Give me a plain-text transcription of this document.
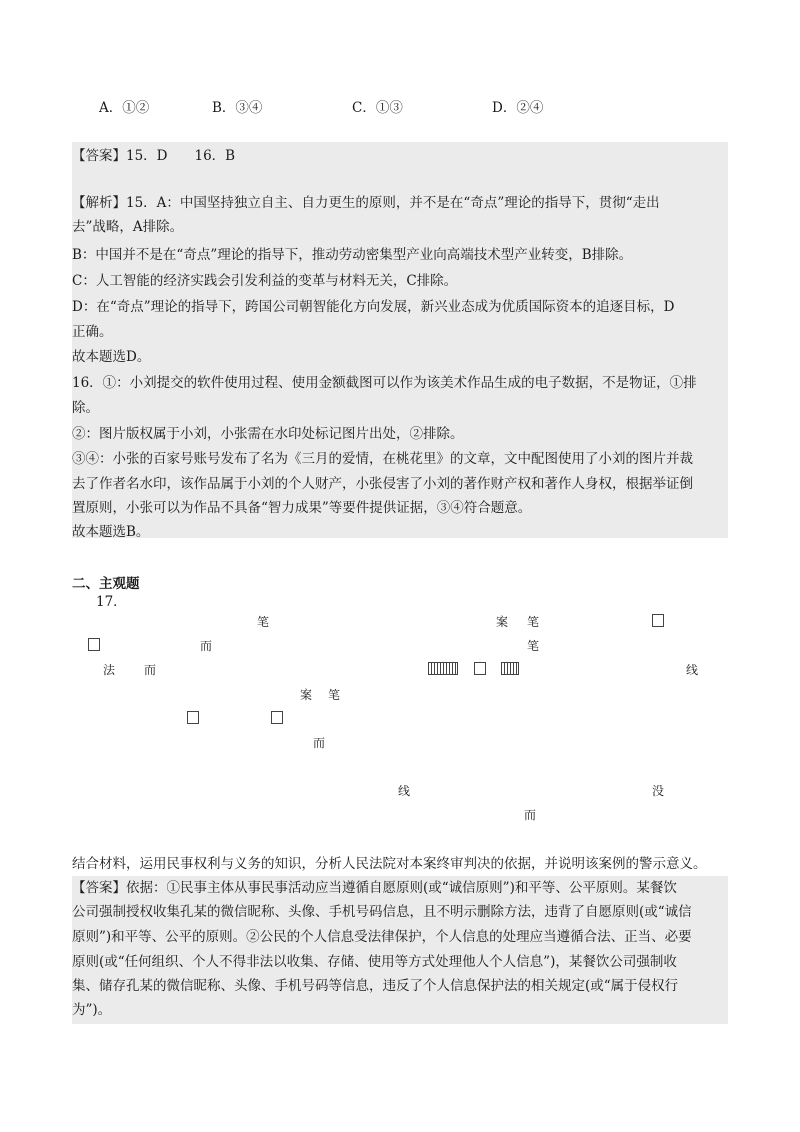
A．①②	B．③④	C．①③	D．②④
【答案】15．D　　16．B
【解析】15．A：中国坚持独立自主、自力更生的原则，并不是在“奇点”理论的指导下，贯彻“走出
去”战略，A排除。
B：中国并不是在“奇点”理论的指导下，推动劳动密集型产业向高端技术型产业转变，B排除。
C：人工智能的经济实践会引发利益的变革与材料无关，C排除。
D：在“奇点”理论的指导下，跨国公司朝智能化方向发展，新兴业态成为优质国际资本的追逐目标，D
正确。
故本题选D。
16．①：小刘提交的软件使用过程、使用金额截图可以作为该美术作品生成的电子数据，不是物证，①排
除。
②：图片版权属于小刘，小张需在水印处标记图片出处，②排除。
③④：小张的百家号账号发布了名为《三月的爱情，在桃花里》的文章，文中配图使用了小刘的图片并裁
去了作者名水印，该作品属于小刘的个人财产，小张侵害了小刘的著作财产权和著作人身权，根据举证倒
置原则，小张可以为作品不具备“智力成果”等要件提供证据，③④符合题意。
故本题选B。
二、主观题
17．
笔	案 笔
而	笔
法 而	线
案 笔
而
线	没
而
结合材料，运用民事权利与义务的知识，分析人民法院对本案终审判决的依据，并说明该案例的警示意义。
【答案】依据：①民事主体从事民事活动应当遵循自愿原则(或“诚信原则”)和平等、公平原则。某餐饮
公司强制授权收集孔某的微信昵称、头像、手机号码信息，且不明示删除方法，违背了自愿原则(或“诚信
原则”)和平等、公平的原则。②公民的个人信息受法律保护，个人信息的处理应当遵循合法、正当、必要
原则(或“任何组织、个人不得非法以收集、存储、使用等方式处理他人个人信息”)，某餐饮公司强制收
集、储存孔某的微信昵称、头像、手机号码等信息，违反了个人信息保护法的相关规定(或“属于侵权行
为”)。
